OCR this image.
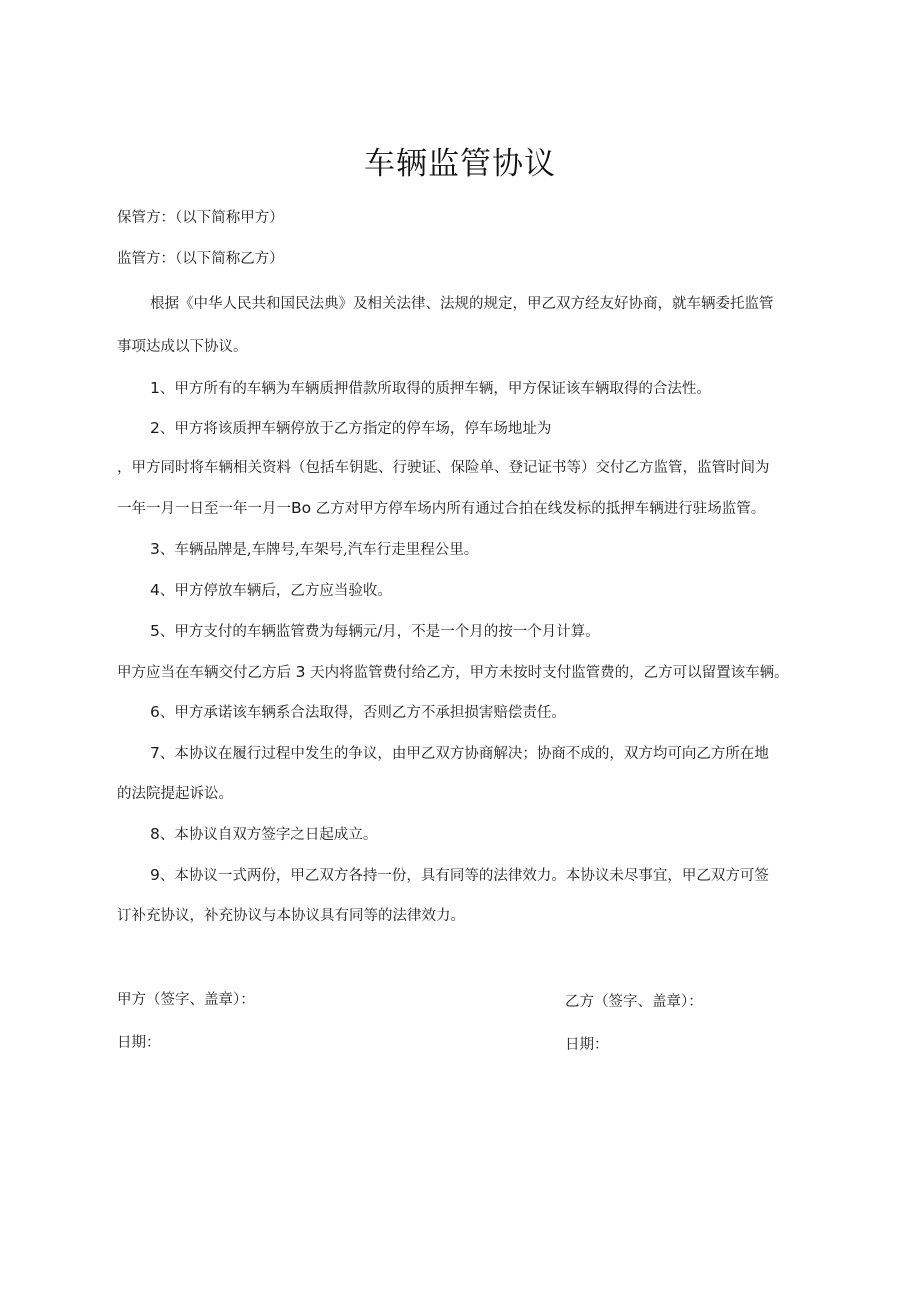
车辆监管协议
保管方：（以下简称甲方）
监管方：（以下简称乙方）
根据《中华人民共和国民法典》及相关法律、法规的规定，甲乙双方经友好协商，就车辆委托监管
事项达成以下协议。
1、甲方所有的车辆为车辆质押借款所取得的质押车辆，甲方保证该车辆取得的合法性。
2、甲方将该质押车辆停放于乙方指定的停车场，停车场地址为
，甲方同时将车辆相关资料（包括车钥匙、行驶证、保险单、登记证书等）交付乙方监管，监管时间为
一年一月一日至一年一月一Bo 乙方对甲方停车场内所有通过合拍在线发标的抵押车辆进行驻场监管。
3、车辆品牌是,车牌号,车架号,汽车行走里程公里。
4、甲方停放车辆后，乙方应当验收。
5、甲方支付的车辆监管费为每辆元/月，不是一个月的按一个月计算。
甲方应当在车辆交付乙方后 3 天内将监管费付给乙方，甲方未按时支付监管费的，乙方可以留置该车辆。
6、甲方承诺该车辆系合法取得，否则乙方不承担损害赔偿责任。
7、本协议在履行过程中发生的争议，由甲乙双方协商解决；协商不成的，双方均可向乙方所在地
的法院提起诉讼。
8、本协议自双方签字之日起成立。
9、本协议一式两份，甲乙双方各持一份，具有同等的法律效力。本协议未尽事宜，甲乙双方可签
订补充协议，补充协议与本协议具有同等的法律效力。
甲方（签字、盖章）：	乙方（签字、盖章）：
日期：	日期：
